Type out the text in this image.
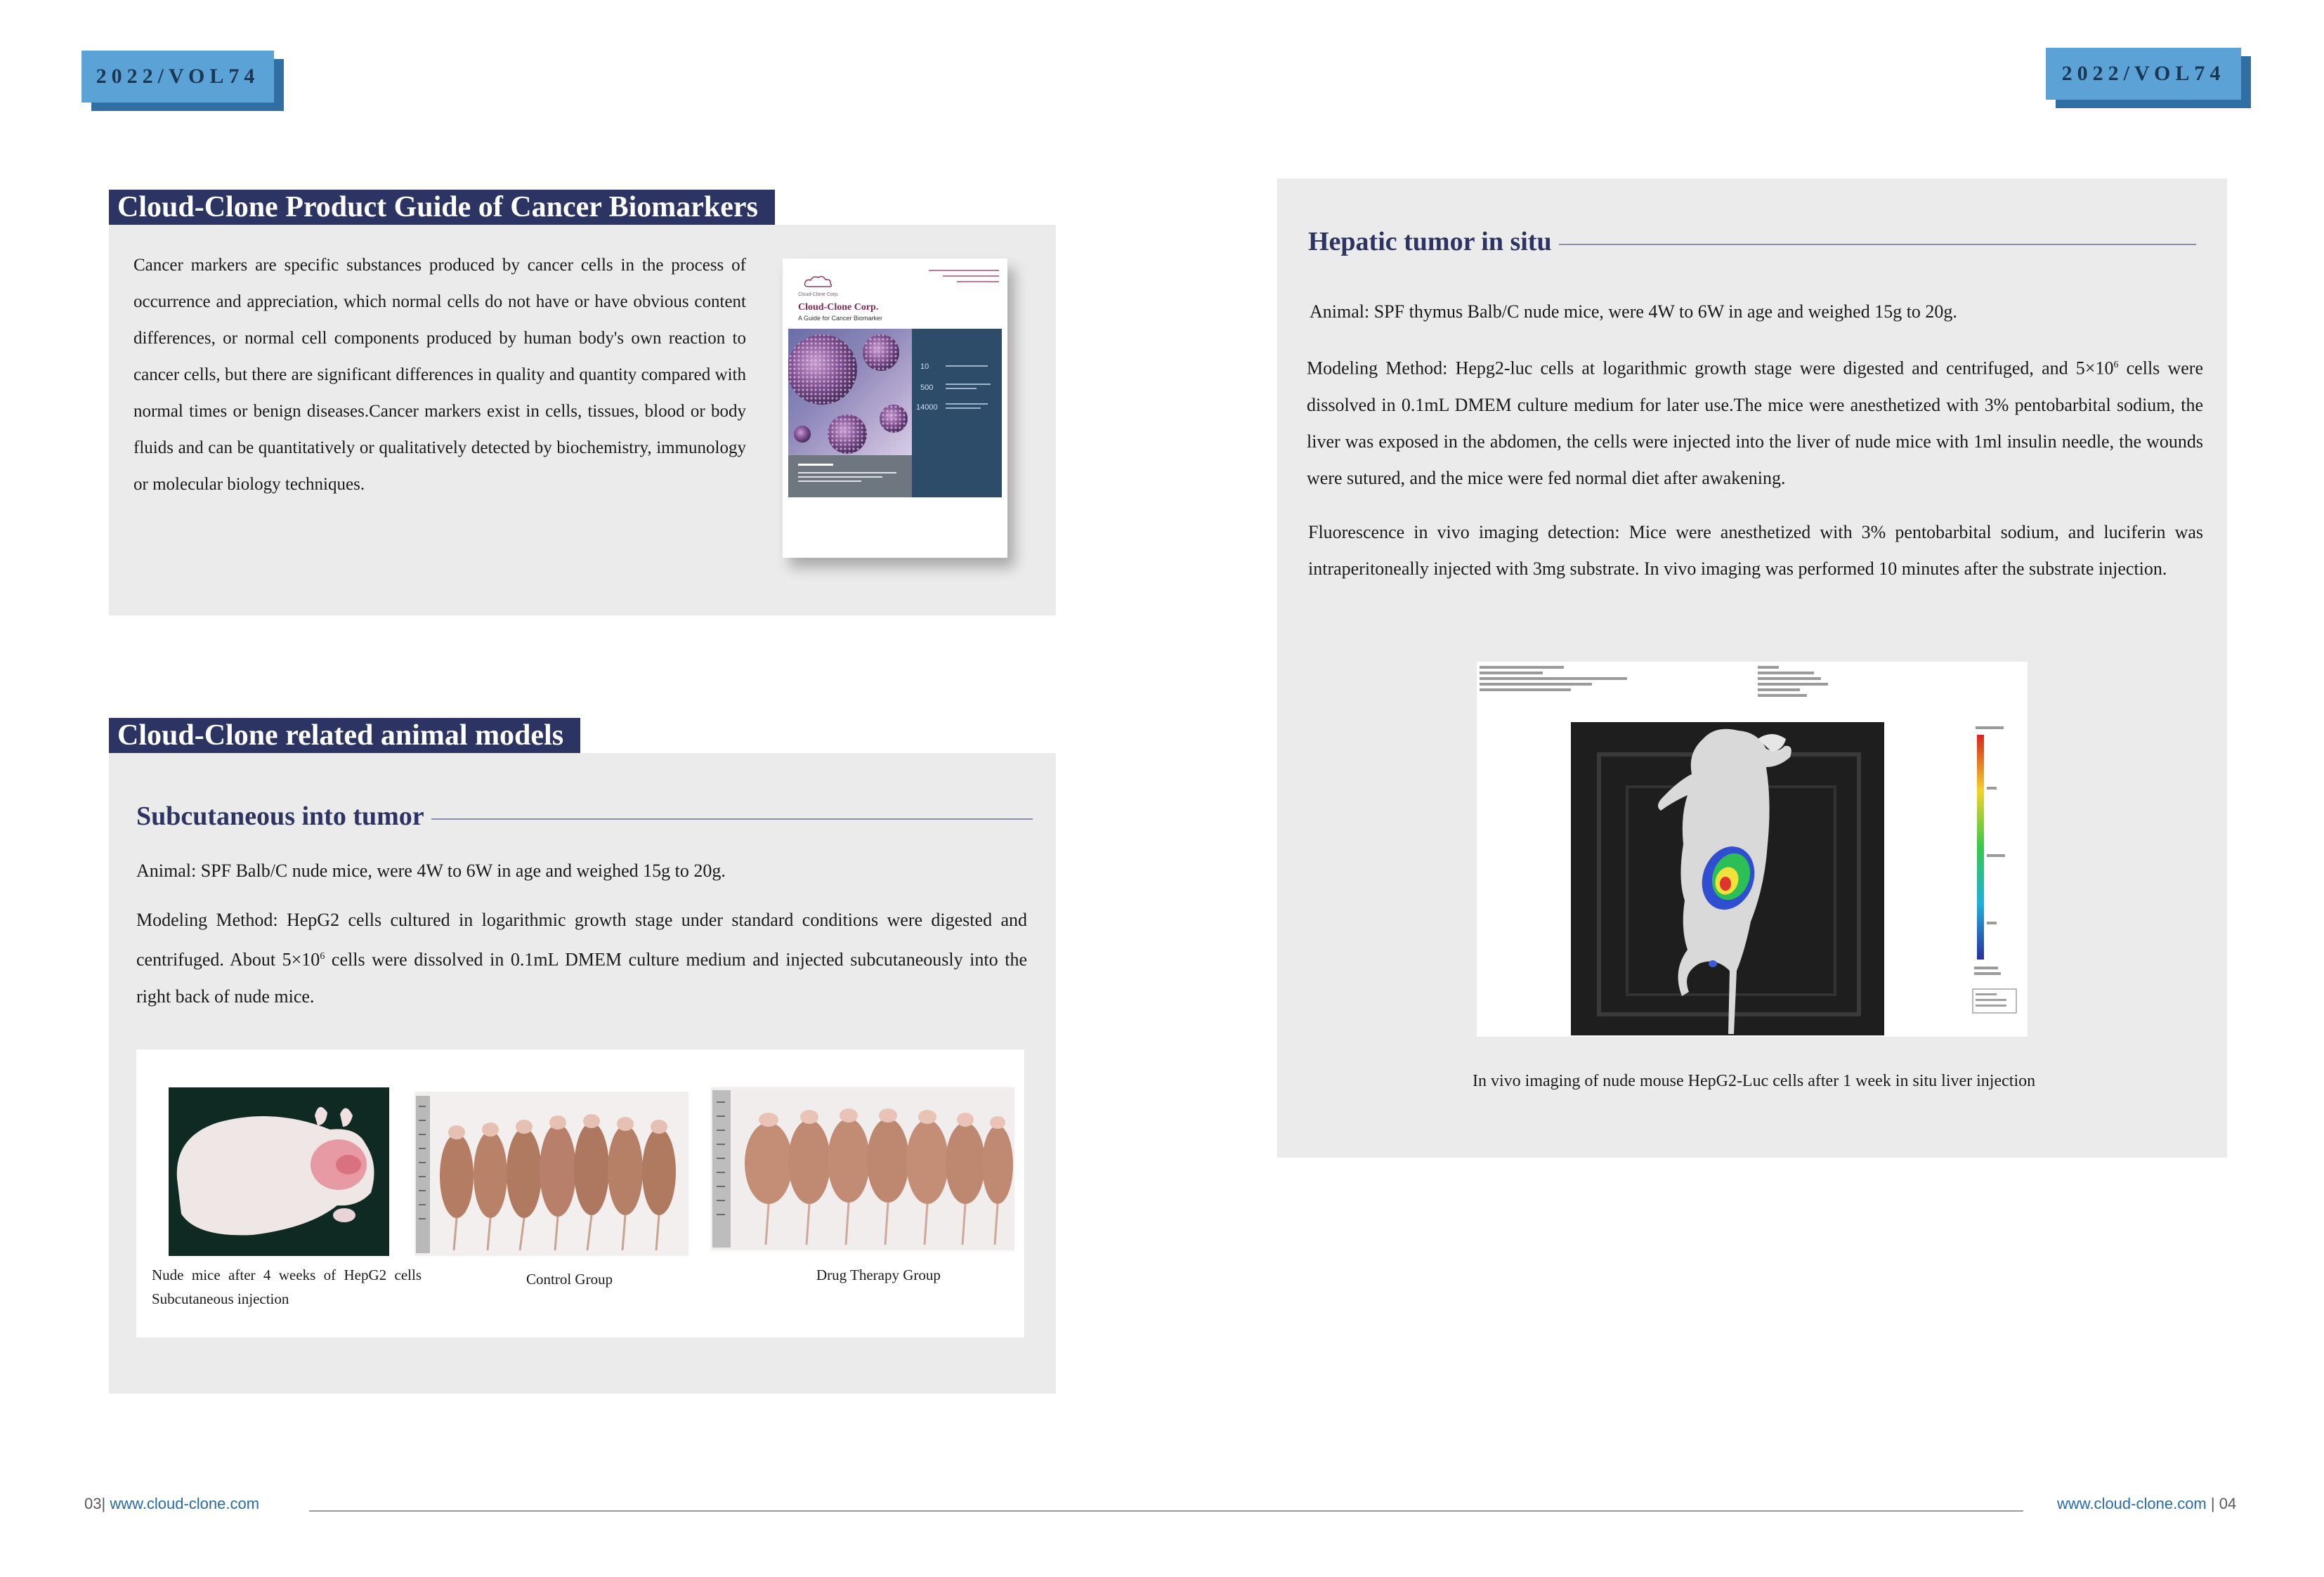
2022/VOL74	2022/VOL74
Cloud-Clone Product Guide of Cancer Biomarkers
Cancer markers are specific substances produced by cancer cells in the process of occurrence and appreciation, which normal cells do not have or have obvious content differences, or normal cell components produced by human body's own reaction to cancer cells, but there are significant differences in quality and quantity compared with normal times or benign diseases.Cancer markers exist in cells, tissues, blood or body fluids and can be quantitatively or qualitatively detected by biochemistry, immunology or molecular biology techniques.
Cloud-Clone Corp.
Cloud-Clone Corp.
A Guide for Cancer Biomarker
10
500
14000
Cloud-Clone related animal models
Subcutaneous into tumor
Animal: SPF Balb/C nude mice, were 4W to 6W in age and weighed 15g to 20g.
Modeling Method: HepG2 cells cultured in logarithmic growth stage under standard conditions were digested and centrifuged. About $5\times 10^6$ cells were dissolved in 0.1mL DMEM culture medium and injected subcutaneously into the right back of nude mice.
Nude mice after 4 weeks of HepG2 cells Subcutaneous injection
Control Group	Drug Therapy Group
Hepatic tumor in situ
Animal: SPF thymus Balb/C nude mice, were 4W to 6W in age and weighed 15g to 20g.
Modeling Method: Hepg2-luc cells at logarithmic growth stage were digested and centrifuged, and $5\times 10^6$ cells were dissolved in 0.1mL DMEM culture medium for later use.The mice were anesthetized with 3% pentobarbital sodium, the liver was exposed in the abdomen, the cells were injected into the liver of nude mice with 1ml insulin needle, the wounds were sutured, and the mice were fed normal diet after awakening.
Fluorescence in vivo imaging detection: Mice were anesthetized with 3% pentobarbital sodium, and luciferin was intraperitoneally injected with 3mg substrate. In vivo imaging was performed 10 minutes after the substrate injection.
In vivo imaging of nude mouse HepG2-Luc cells after 1 week in situ liver injection
03| www.cloud-clone.com	www.cloud-clone.com | 04
